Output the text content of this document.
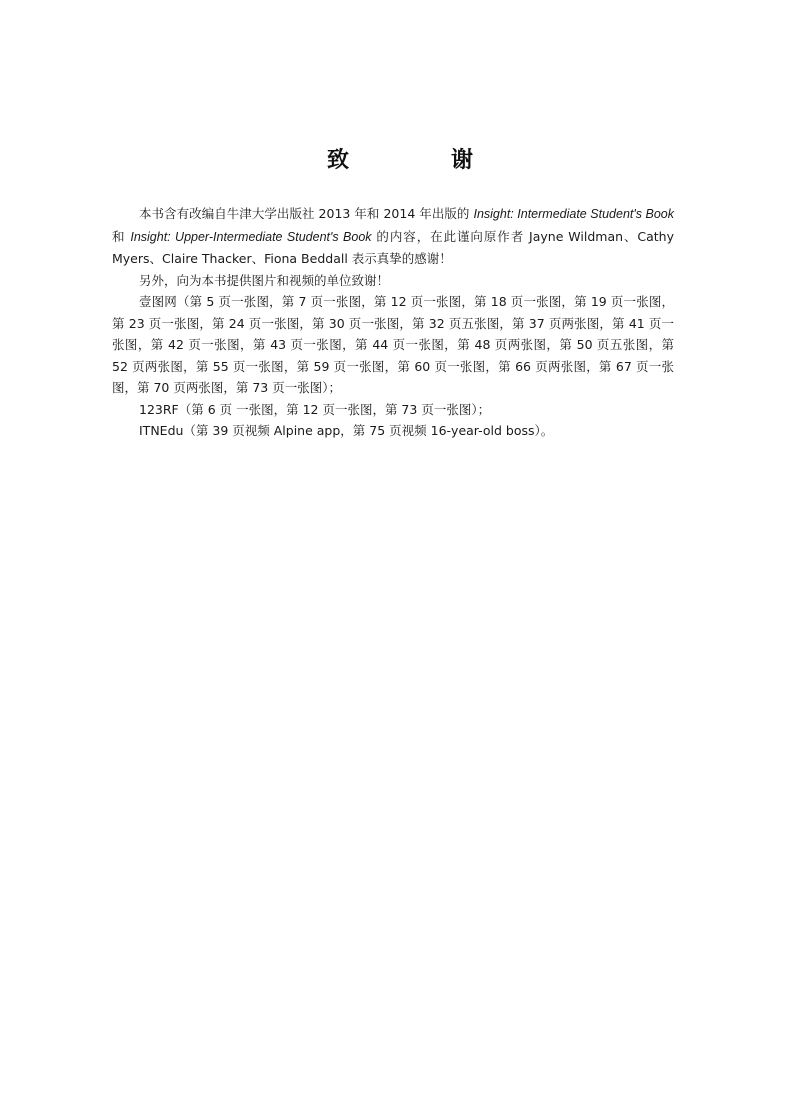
致　谢

本书含有改编自牛津大学出版社 2013 年和 2014 年出版的 Insight: Intermediate Student's Book 和 Insight: Upper-Intermediate Student's Book 的内容，在此谨向原作者 Jayne Wildman、Cathy Myers、Claire Thacker、Fiona Beddall 表示真挚的感谢！

另外，向为本书提供图片和视频的单位致谢！

壹图网（第 5 页一张图，第 7 页一张图，第 12 页一张图，第 18 页一张图，第 19 页一张图，第 23 页一张图，第 24 页一张图，第 30 页一张图，第 32 页五张图，第 37 页两张图，第 41 页一张图，第 42 页一张图，第 43 页一张图，第 44 页一张图，第 48 页两张图，第 50 页五张图，第 52 页两张图，第 55 页一张图，第 59 页一张图，第 60 页一张图，第 66 页两张图，第 67 页一张图，第 70 页两张图，第 73 页一张图）；

123RF（第 6 页 一张图，第 12 页一张图，第 73 页一张图）；

ITNEdu（第 39 页视频 Alpine app，第 75 页视频 16-year-old boss）。
